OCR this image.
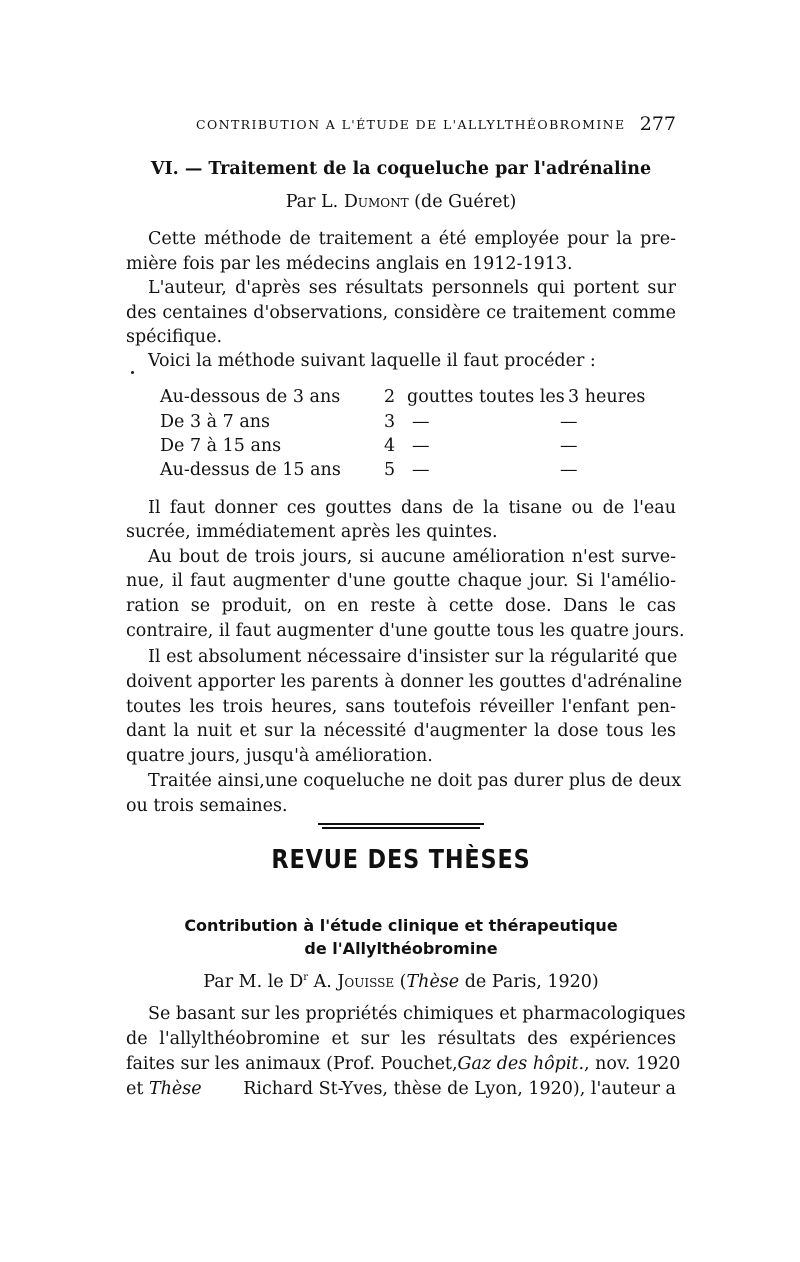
CONTRIBUTION A L'ÉTUDE DE L'ALLYLTHÉOBROMINE 277
VI. — Traitement de la coqueluche par l'adrénaline
Par L. Dumont (de Guéret)
Cette méthode de traitement a été employée pour la pre-
mière fois par les médecins anglais en 1912-1913.
L'auteur, d'après ses résultats personnels qui portent sur
des centaines d'observations, considère ce traitement comme
spécifique.
Voici la méthode suivant laquelle il faut procéder :
Au-dessous de 3 ans	2 gouttes toutes les 3 heures
De 3 à 7 ans	3 —	—
De 7 à 15 ans	4 —	—
Au-dessus de 15 ans 5 —	—
Il faut donner ces gouttes dans de la tisane ou de l'eau
sucrée, immédiatement après les quintes.
Au bout de trois jours, si aucune amélioration n'est surve-
nue, il faut augmenter d'une goutte chaque jour. Si l'amélio-
ration se produit, on en reste à cette dose. Dans le cas
contraire, il faut augmenter d'une goutte tous les quatre jours.
Il est absolument nécessaire d'insister sur la régularité que
doivent apporter les parents à donner les gouttes d'adrénaline
toutes les trois heures, sans toutefois réveiller l'enfant pen-
dant la nuit et sur la nécessité d'augmenter la dose tous les
quatre jours, jusqu'à amélioration.
Traitée ainsi,une coqueluche ne doit pas durer plus de deux
ou trois semaines.
REVUE DES THÈSES
Contribution à l'étude clinique et thérapeutique
de l'Allylthéobromine
Par M. le $D^r$ A. Jouisse (Thèse de Paris, 1920)
Se basant sur les propriétés chimiques et pharmacologiques
de l'allylthéobromine et sur les résultats des expériences
faites sur les animaux (Prof. Pouchet, Gaz des hôpit., nov. 1920
et Thèse Richard St-Yves, thèse de Lyon, 1920), l'auteur a
